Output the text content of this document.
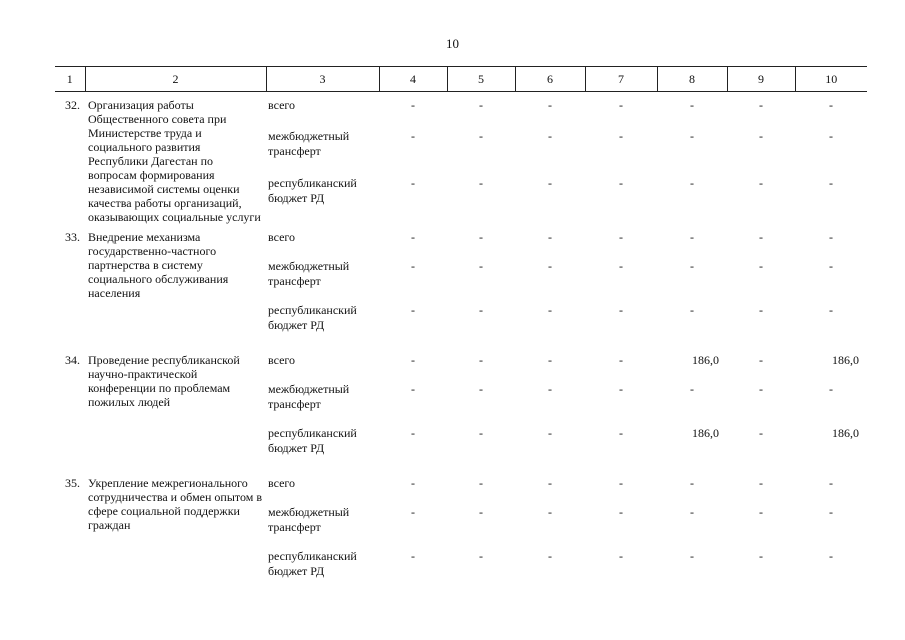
10
1	2	3	4	5	6	7	8	9	10
32.	Организация работы Общественного совета при Министерстве труда и социального развития Республики Дагестан по вопросам формирования независимой системы оценки качества работы организаций, оказывающих социальные услуги	всего	-	-	-	-	-	-	-
		межбюджетный трансферт	-	-	-	-	-	-	-
		республиканский бюджет РД	-	-	-	-	-	-	-
33.	Внедрение механизма государственно-частного партнерства в систему социального обслуживания населения	всего	-	-	-	-	-	-	-
		межбюджетный трансферт	-	-	-	-	-	-	-
		республиканский бюджет РД	-	-	-	-	-	-	-
34.	Проведение республиканской научно-практической конференции по проблемам пожилых людей	всего	-	-	-	-	186,0	-	186,0
		межбюджетный трансферт	-	-	-	-	-	-	-
		республиканский бюджет РД	-	-	-	-	186,0	-	186,0
35.	Укрепление межрегионального сотрудничества и обмен опытом в сфере социальной поддержки граждан	всего	-	-	-	-	-	-	-
		межбюджетный трансферт	-	-	-	-	-	-	-
		республиканский бюджет РД	-	-	-	-	-	-	-
